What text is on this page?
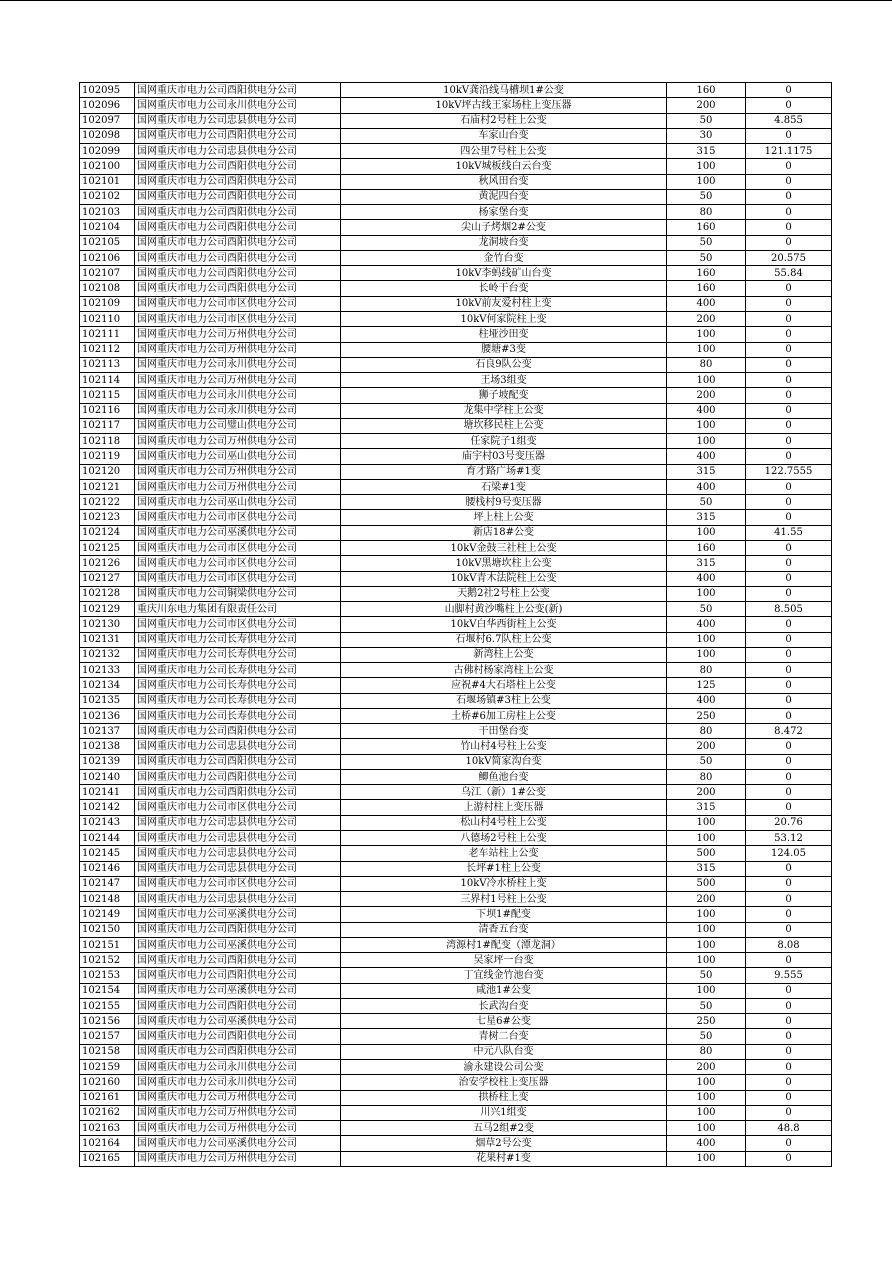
102095	国网重庆市电力公司酉阳供电分公司	10kV龚沿线马槽坝1#公变	160	0
102096	国网重庆市电力公司永川供电分公司	10kV坪古线王家场柱上变压器	200	0
102097	国网重庆市电力公司忠县供电分公司	石庙村2号柱上公变	50	4.855
102098	国网重庆市电力公司酉阳供电分公司	车家山台变	30	0
102099	国网重庆市电力公司忠县供电分公司	四公里7号柱上公变	315	121.1175
102100	国网重庆市电力公司酉阳供电分公司	10kV城板线白云台变	100	0
102101	国网重庆市电力公司酉阳供电分公司	秋风田台变	100	0
102102	国网重庆市电力公司酉阳供电分公司	黄泥四台变	50	0
102103	国网重庆市电力公司酉阳供电分公司	杨家堡台变	80	0
102104	国网重庆市电力公司酉阳供电分公司	尖山子烤烟2#公变	160	0
102105	国网重庆市电力公司酉阳供电分公司	龙洞坡台变	50	0
102106	国网重庆市电力公司酉阳供电分公司	金竹台变	50	20.575
102107	国网重庆市电力公司酉阳供电分公司	10kV李蚂线矿山台变	160	55.84
102108	国网重庆市电力公司酉阳供电分公司	长岭干台变	160	0
102109	国网重庆市电力公司市区供电分公司	10kV前友爱村柱上变	400	0
102110	国网重庆市电力公司市区供电分公司	10kV何家院柱上变	200	0
102111	国网重庆市电力公司万州供电分公司	柱垭沙田变	100	0
102112	国网重庆市电力公司万州供电分公司	腰塘#3变	100	0
102113	国网重庆市电力公司永川供电分公司	石良9队公变	80	0
102114	国网重庆市电力公司万州供电分公司	王场3组变	100	0
102115	国网重庆市电力公司永川供电分公司	狮子坡配变	200	0
102116	国网重庆市电力公司永川供电分公司	龙集中学柱上公变	400	0
102117	国网重庆市电力公司璧山供电分公司	塘坎移民柱上公变	100	0
102118	国网重庆市电力公司万州供电分公司	任家院子1组变	100	0
102119	国网重庆市电力公司巫山供电分公司	庙宇村03号变压器	400	0
102120	国网重庆市电力公司万州供电分公司	育才路广场#1变	315	122.7555
102121	国网重庆市电力公司万州供电分公司	石梁#1变	400	0
102122	国网重庆市电力公司巫山供电分公司	腰栈村9号变压器	50	0
102123	国网重庆市电力公司市区供电分公司	坪上柱上公变	315	0
102124	国网重庆市电力公司巫溪供电分公司	新店18#公变	100	41.55
102125	国网重庆市电力公司市区供电分公司	10kV金鼓三社柱上公变	160	0
102126	国网重庆市电力公司市区供电分公司	10kV黑塘坎柱上公变	315	0
102127	国网重庆市电力公司市区供电分公司	10kV青木法院柱上公变	400	0
102128	国网重庆市电力公司铜梁供电分公司	天鹅2社2号柱上公变	100	0
102129	重庆川东电力集团有限责任公司	山脚村黄沙嘴柱上公变(新)	50	8.505
102130	国网重庆市电力公司市区供电分公司	10kV白华西街柱上公变	400	0
102131	国网重庆市电力公司长寿供电分公司	石堰村6.7队柱上公变	100	0
102132	国网重庆市电力公司长寿供电分公司	新湾柱上公变	100	0
102133	国网重庆市电力公司长寿供电分公司	古佛村杨家湾柱上公变	80	0
102134	国网重庆市电力公司长寿供电分公司	应祝#4大石塔柱上公变	125	0
102135	国网重庆市电力公司长寿供电分公司	石堰场镇#3柱上公变	400	0
102136	国网重庆市电力公司长寿供电分公司	土桥#6加工房柱上公变	250	0
102137	国网重庆市电力公司酉阳供电分公司	干田堡台变	80	8.472
102138	国网重庆市电力公司忠县供电分公司	竹山村4号柱上公变	200	0
102139	国网重庆市电力公司酉阳供电分公司	10kV简家沟台变	50	0
102140	国网重庆市电力公司酉阳供电分公司	鲫鱼池台变	80	0
102141	国网重庆市电力公司酉阳供电分公司	乌江（新）1#公变	200	0
102142	国网重庆市电力公司市区供电分公司	上游村柱上变压器	315	0
102143	国网重庆市电力公司忠县供电分公司	松山村4号柱上公变	100	20.76
102144	国网重庆市电力公司忠县供电分公司	八德场2号柱上公变	100	53.12
102145	国网重庆市电力公司忠县供电分公司	老车站柱上公变	500	124.05
102146	国网重庆市电力公司忠县供电分公司	长坪#1柱上公变	315	0
102147	国网重庆市电力公司市区供电分公司	10kV冷水桥柱上变	500	0
102148	国网重庆市电力公司忠县供电分公司	三界村1号柱上公变	200	0
102149	国网重庆市电力公司巫溪供电分公司	下坝1#配变	100	0
102150	国网重庆市电力公司酉阳供电分公司	清香五台变	100	0
102151	国网重庆市电力公司巫溪供电分公司	湾源村1#配变（潭龙洞）	100	8.08
102152	国网重庆市电力公司酉阳供电分公司	吴家坪一台变	100	0
102153	国网重庆市电力公司酉阳供电分公司	丁宜线金竹池台变	50	9.555
102154	国网重庆市电力公司巫溪供电分公司	咸池1#公变	100	0
102155	国网重庆市电力公司酉阳供电分公司	长武沟台变	50	0
102156	国网重庆市电力公司巫溪供电分公司	七星6#公变	250	0
102157	国网重庆市电力公司酉阳供电分公司	青树二台变	50	0
102158	国网重庆市电力公司酉阳供电分公司	中元八队台变	80	0
102159	国网重庆市电力公司永川供电分公司	渝永建设公司公变	200	0
102160	国网重庆市电力公司永川供电分公司	治安学校柱上变压器	100	0
102161	国网重庆市电力公司万州供电分公司	拱桥柱上变	100	0
102162	国网重庆市电力公司万州供电分公司	川兴1组变	100	0
102163	国网重庆市电力公司万州供电分公司	五马2组#2变	100	48.8
102164	国网重庆市电力公司巫溪供电分公司	烟草2号公变	400	0
102165	国网重庆市电力公司万州供电分公司	花果村#1变	100	0
